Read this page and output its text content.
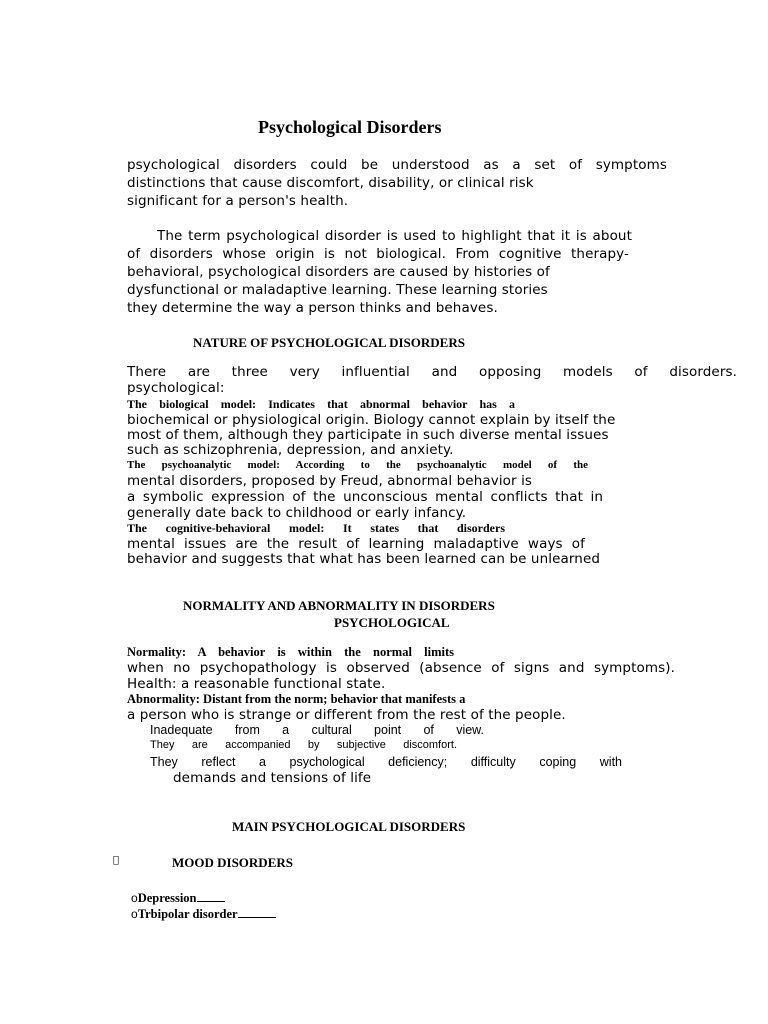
Psychological Disorders

psychological disorders could be understood as a set of symptoms

distinctions that cause discomfort, disability, or clinical risk

significant for a person's health.

The term psychological disorder is used to highlight that it is about

of disorders whose origin is not biological. From cognitive therapy-

behavioral, psychological disorders are caused by histories of

dysfunctional or maladaptive learning. These learning stories

they determine the way a person thinks and behaves.

NATURE OF PSYCHOLOGICAL DISORDERS

There are three very influential and opposing models of disorders.

psychological:

The biological model: Indicates that abnormal behavior has a

biochemical or physiological origin. Biology cannot explain by itself the

most of them, although they participate in such diverse mental issues

such as schizophrenia, depression, and anxiety.

The psychoanalytic model: According to the psychoanalytic model of the

mental disorders, proposed by Freud, abnormal behavior is

a symbolic expression of the unconscious mental conflicts that in

generally date back to childhood or early infancy.

The cognitive-behavioral model: It states that disorders

mental issues are the result of learning maladaptive ways of

behavior and suggests that what has been learned can be unlearned

NORMALITY AND ABNORMALITY IN DISORDERS
PSYCHOLOGICAL

Normality: A behavior is within the normal limits

when no psychopathology is observed (absence of signs and symptoms).

Health: a reasonable functional state.

Abnormality: Distant from the norm; behavior that manifests a

a person who is strange or different from the rest of the people.

Inadequate from a cultural point of view.

They are accompanied by subjective discomfort.

They reflect a psychological deficiency; difficulty coping with

demands and tensions of life

MAIN PSYCHOLOGICAL DISORDERS
MOOD DISORDERS
oDepression
oTrbipolar disorder
